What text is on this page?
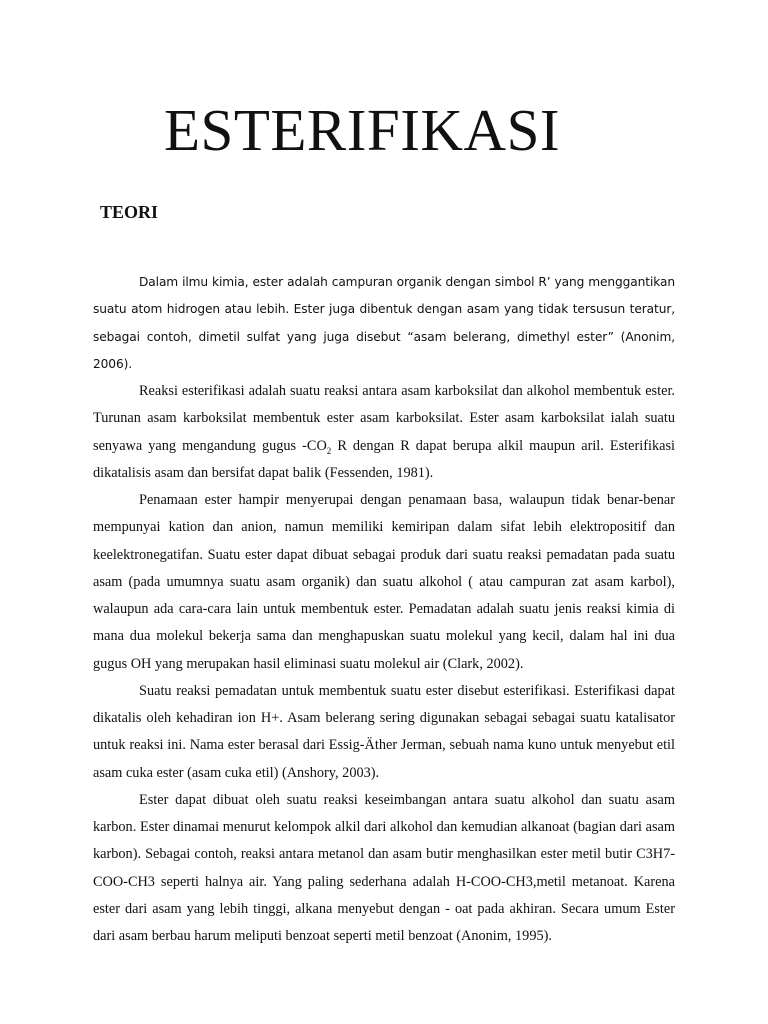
ESTERIFIKASI
TEORI

Dalam ilmu kimia, ester adalah campuran organik dengan simbol R’ yang menggantikan suatu atom hidrogen atau lebih. Ester juga dibentuk dengan asam yang tidak tersusun teratur, sebagai contoh, dimetil sulfat yang juga disebut “asam belerang, dimethyl ester” (Anonim, 2006).

Reaksi esterifikasi adalah suatu reaksi antara asam karboksilat dan alkohol membentuk ester. Turunan asam karboksilat membentuk ester asam karboksilat. Ester asam karboksilat ialah suatu senyawa yang mengandung gugus $-CO_2$ R dengan R dapat berupa alkil maupun aril. Esterifikasi dikatalisis asam dan bersifat dapat balik (Fessenden, 1981).

Penamaan ester hampir menyerupai dengan penamaan basa, walaupun tidak benar-benar mempunyai kation dan anion, namun memiliki kemiripan dalam sifat lebih elektropositif dan keelektronegatifan. Suatu ester dapat dibuat sebagai produk dari suatu reaksi pemadatan pada suatu asam (pada umumnya suatu asam organik) dan suatu alkohol ( atau campuran zat asam karbol), walaupun ada cara-cara lain untuk membentuk ester. Pemadatan adalah suatu jenis reaksi kimia di mana dua molekul bekerja sama dan menghapuskan suatu molekul yang kecil, dalam hal ini dua gugus OH yang merupakan hasil eliminasi suatu molekul air (Clark, 2002).

Suatu reaksi pemadatan untuk membentuk suatu ester disebut esterifikasi. Esterifikasi dapat dikatalis oleh kehadiran ion H+. Asam belerang sering digunakan sebagai sebagai suatu katalisator untuk reaksi ini. Nama ester berasal dari Essig-Äther Jerman, sebuah nama kuno untuk menyebut etil asam cuka ester (asam cuka etil) (Anshory, 2003).

Ester dapat dibuat oleh suatu reaksi keseimbangan antara suatu alkohol dan suatu asam karbon. Ester dinamai menurut kelompok alkil dari alkohol dan kemudian alkanoat (bagian dari asam karbon). Sebagai contoh, reaksi antara metanol dan asam butir menghasilkan ester metil butir C3H7-COO-CH3 seperti halnya air. Yang paling sederhana adalah H-COO-CH3,metil metanoat. Karena ester dari asam yang lebih tinggi, alkana menyebut dengan - oat pada akhiran. Secara umum Ester dari asam berbau harum meliputi benzoat seperti metil benzoat (Anonim, 1995).
